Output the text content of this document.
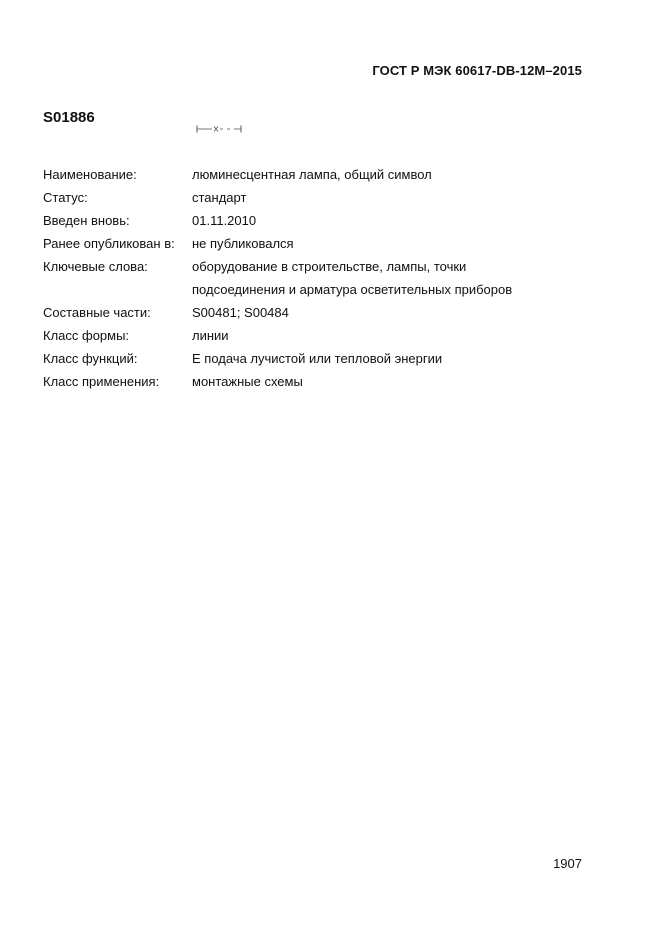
ГОСТ Р МЭК 60617-DB-12M–2015
S01886
Наименование:	люминесцентная лампа, общий символ
Статус:	стандарт
Введен вновь:	01.11.2010
Ранее опубликован в:	не публиковался
Ключевые слова:	оборудование в строительстве, лампы, точки
подсоединения и арматура осветительных приборов
Составные части:	S00481; S00484
Класс формы:	линии
Класс функций:	E подача лучистой или тепловой энергии
Класс применения:	монтажные схемы
1907
